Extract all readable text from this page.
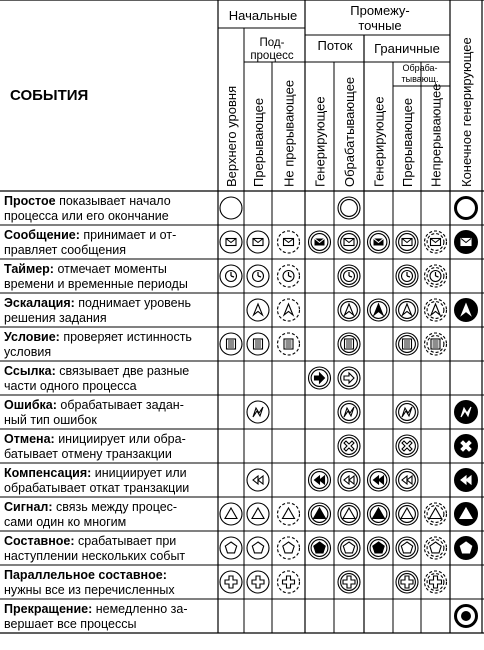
СОБЫТИЯ
Начальные	Промежу-
точные
Под-
процесс
Поток Граничные
Обраба-
тывающ.
Верхнего уровня Прерывающее Не прерывающее Генерирующее Обрабатывающее Генерирующее Прерывающее Непрерывающее Конечное генерирующее
Простое показывает начало
процесса или его окончание
Сообщение: принимает и от-
правляет сообщения
Таймер: отмечает моменты
времени и временные периоды
Эскалация: поднимает уровень
решения задания
Условие: проверяет истинность
условия
Ссылка: связывает две разные
части одного процесса
Ошибка: обрабатывает задан-
ный тип ошибок
Отмена: инициирует или обра-
батывает отмену транзакции
Компенсация: инициирует или
обрабатывает откат транзакции
Сигнал: связь между процес-
сами один ко многим
Составное: срабатывает при
наступлении нескольких событ
Параллельное составное:
нужны все из перечисленных
Прекращение: немедленно за-
вершает все процессы
